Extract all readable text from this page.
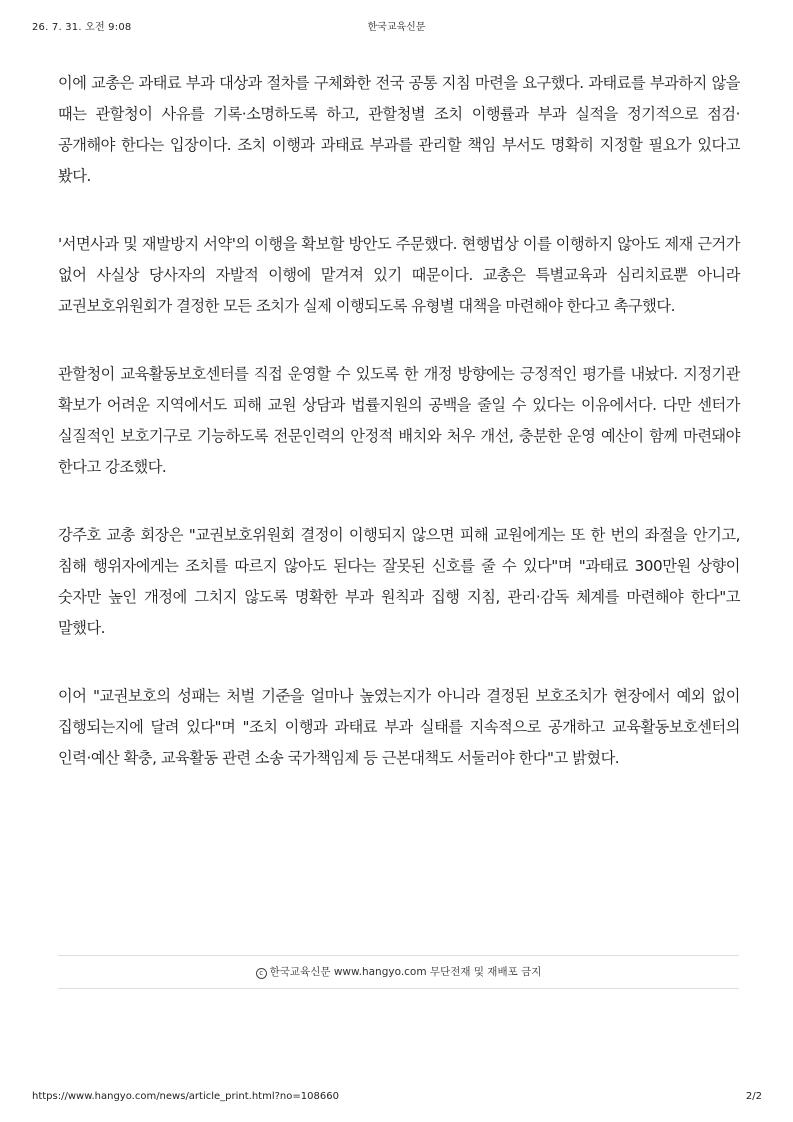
26. 7. 31. 오전 9:08	한국교육신문

이에 교총은 과태료 부과 대상과 절차를 구체화한 전국 공통 지침 마련을 요구했다. 과태료를 부과하지 않을 때는 관할청이 사유를 기록·소명하도록 하고, 관할청별 조치 이행률과 부과 실적을 정기적으로 점검·공개해야 한다는 입장이다. 조치 이행과 과태료 부과를 관리할 책임 부서도 명확히 지정할 필요가 있다고 봤다.

'서면사과 및 재발방지 서약'의 이행을 확보할 방안도 주문했다. 현행법상 이를 이행하지 않아도 제재 근거가 없어 사실상 당사자의 자발적 이행에 맡겨져 있기 때문이다. 교총은 특별교육과 심리치료뿐 아니라 교권보호위원회가 결정한 모든 조치가 실제 이행되도록 유형별 대책을 마련해야 한다고 촉구했다.

관할청이 교육활동보호센터를 직접 운영할 수 있도록 한 개정 방향에는 긍정적인 평가를 내놨다. 지정기관 확보가 어려운 지역에서도 피해 교원 상담과 법률지원의 공백을 줄일 수 있다는 이유에서다. 다만 센터가 실질적인 보호기구로 기능하도록 전문인력의 안정적 배치와 처우 개선, 충분한 운영 예산이 함께 마련돼야 한다고 강조했다.

강주호 교총 회장은 "교권보호위원회 결정이 이행되지 않으면 피해 교원에게는 또 한 번의 좌절을 안기고, 침해 행위자에게는 조치를 따르지 않아도 된다는 잘못된 신호를 줄 수 있다"며 "과태료 300만원 상향이 숫자만 높인 개정에 그치지 않도록 명확한 부과 원칙과 집행 지침, 관리·감독 체계를 마련해야 한다"고 말했다.

이어 "교권보호의 성패는 처벌 기준을 얼마나 높였는지가 아니라 결정된 보호조치가 현장에서 예외 없이 집행되는지에 달려 있다"며 "조치 이행과 과태료 부과 실태를 지속적으로 공개하고 교육활동보호센터의 인력·예산 확충, 교육활동 관련 소송 국가책임제 등 근본대책도 서둘러야 한다"고 밝혔다.

c 한국교육신문 www.hangyo.com 무단전재 및 재배포 금지
https://www.hangyo.com/news/article_print.html?no=108660	2/2
